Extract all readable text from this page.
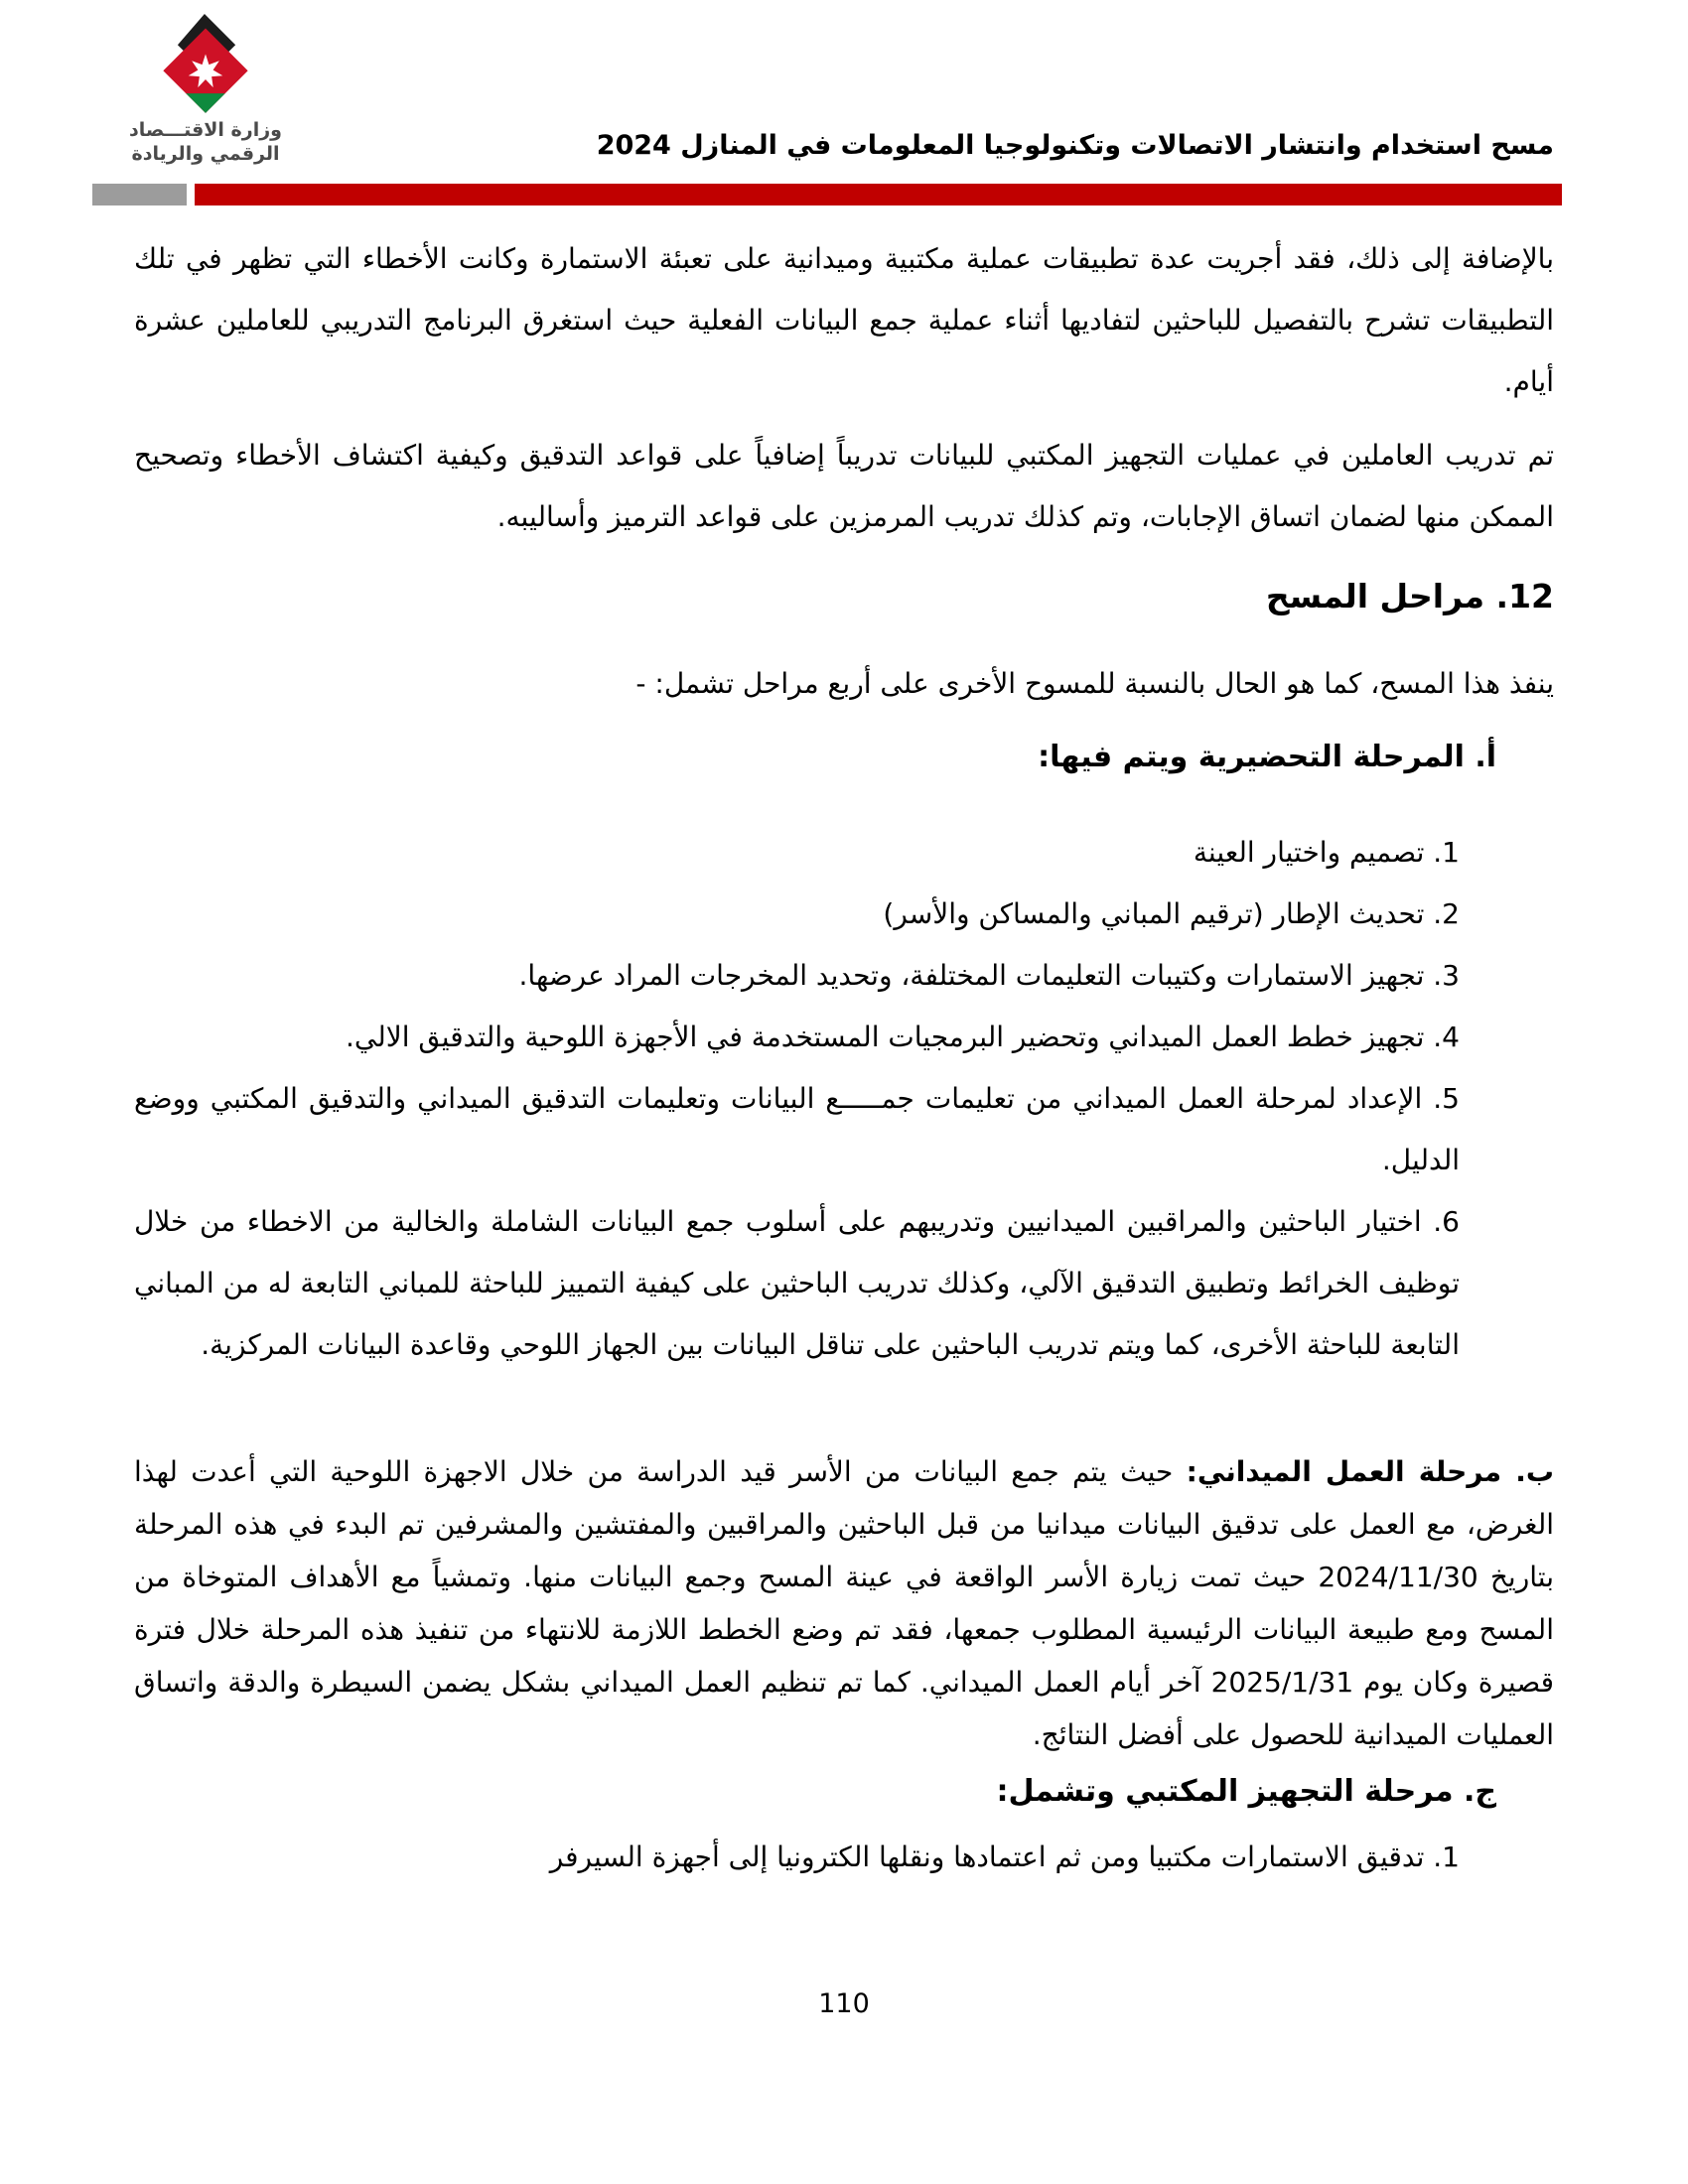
وزارة الاقتـــصاد
الرقمي والريادة	مسح استخدام وانتشار الاتصالات وتكنولوجيا المعلومات في المنازل 2024
بالإضافة إلى ذلك، فقد أجريت عدة تطبيقات عملية مكتبية وميدانية على تعبئة الاستمارة وكانت الأخطاء التي تظهر في تلك التطبيقات تشرح بالتفصيل للباحثين لتفاديها أثناء عملية جمع البيانات الفعلية حيث استغرق البرنامج التدريبي للعاملين عشرة أيام.
تم تدريب العاملين في عمليات التجهيز المكتبي للبيانات تدريباً إضافياً على قواعد التدقيق وكيفية اكتشاف الأخطاء وتصحيح الممكن منها لضمان اتساق الإجابات، وتم كذلك تدريب المرمزين على قواعد الترميز وأساليبه.
12. مراحل المسح
ينفذ هذا المسح، كما هو الحال بالنسبة للمسوح الأخرى على أربع مراحل تشمل: -
أ. المرحلة التحضيرية ويتم فيها:
1. تصميم واختيار العينة
2. تحديث الإطار (ترقيم المباني والمساكن والأسر)
3. تجهيز الاستمارات وكتيبات التعليمات المختلفة، وتحديد المخرجات المراد عرضها.
4. تجهيز خطط العمل الميداني وتحضير البرمجيات المستخدمة في الأجهزة اللوحية والتدقيق الالي.
5. الإعداد لمرحلة العمل الميداني من تعليمات جمـــــع البيانات وتعليمات التدقيق الميداني والتدقيق المكتبي ووضع الدليل.
6. اختيار الباحثين والمراقبين الميدانيين وتدريبهم على أسلوب جمع البيانات الشاملة والخالية من الاخطاء من خلال توظيف الخرائط وتطبيق التدقيق الآلي، وكذلك تدريب الباحثين على كيفية التمييز للباحثة للمباني التابعة له من المباني التابعة للباحثة الأخرى، كما ويتم تدريب الباحثين على تناقل البيانات بين الجهاز اللوحي وقاعدة البيانات المركزية.
ب. مرحلة العمل الميداني: حيث يتم جمع البيانات من الأسر قيد الدراسة من خلال الاجهزة اللوحية التي أعدت لهذا الغرض، مع العمل على تدقيق البيانات ميدانيا من قبل الباحثين والمراقبين والمفتشين والمشرفين تم البدء في هذه المرحلة بتاريخ 2024/11/30 حيث تمت زيارة الأسر الواقعة في عينة المسح وجمع البيانات منها. وتمشياً مع الأهداف المتوخاة من المسح ومع طبيعة البيانات الرئيسية المطلوب جمعها، فقد تم وضع الخطط اللازمة للانتهاء من تنفيذ هذه المرحلة خلال فترة قصيرة وكان يوم 2025/1/31 آخر أيام العمل الميداني. كما تم تنظيم العمل الميداني بشكل يضمن السيطرة والدقة واتساق العمليات الميدانية للحصول على أفضل النتائج.
ج. مرحلة التجهيز المكتبي وتشمل:
1. تدقيق الاستمارات مكتبيا ومن ثم اعتمادها ونقلها الكترونيا إلى أجهزة السيرفر
110
